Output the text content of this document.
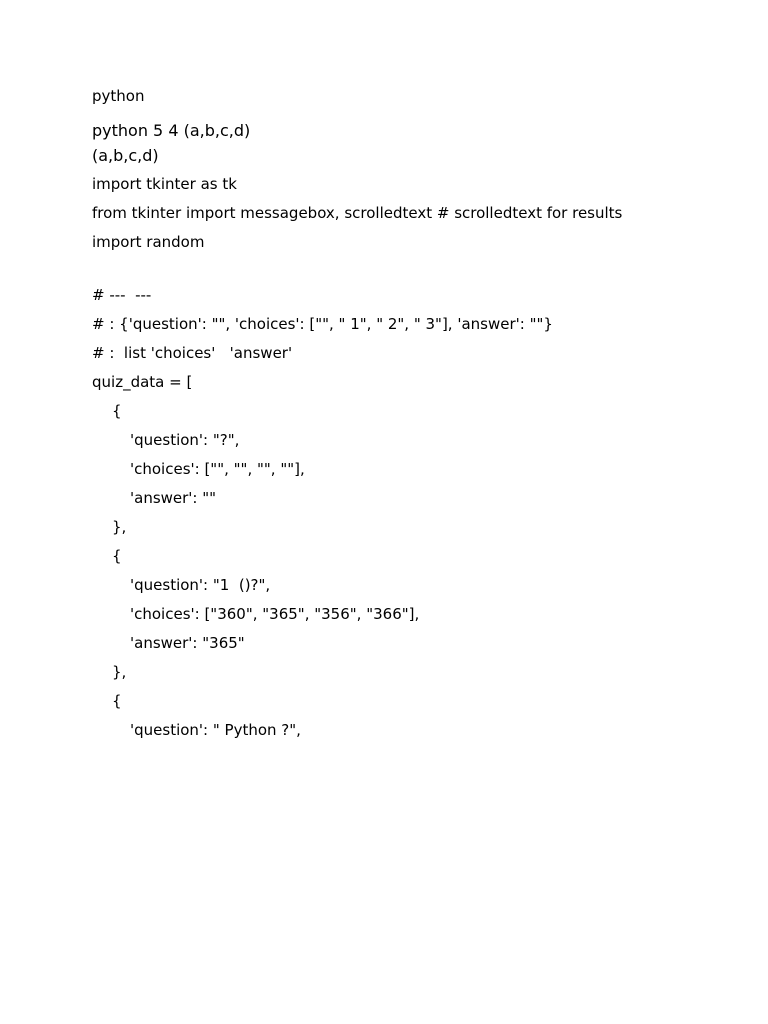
python
python 5 4 (a,b,c,d)
(a,b,c,d)
import tkinter as tk
from tkinter import messagebox, scrolledtext # scrolledtext for results
import random
# ---  ---
# : {'question': "", 'choices': ["", " 1", " 2", " 3"], 'answer': ""}
# :  list 'choices'   'answer'
quiz_data = [
{
'question': "?",
'choices': ["", "", "", ""],
'answer': ""
},
{
'question': "1  ()?",
'choices': ["360", "365", "356", "366"],
'answer': "365"
},
{
'question': " Python ?",
